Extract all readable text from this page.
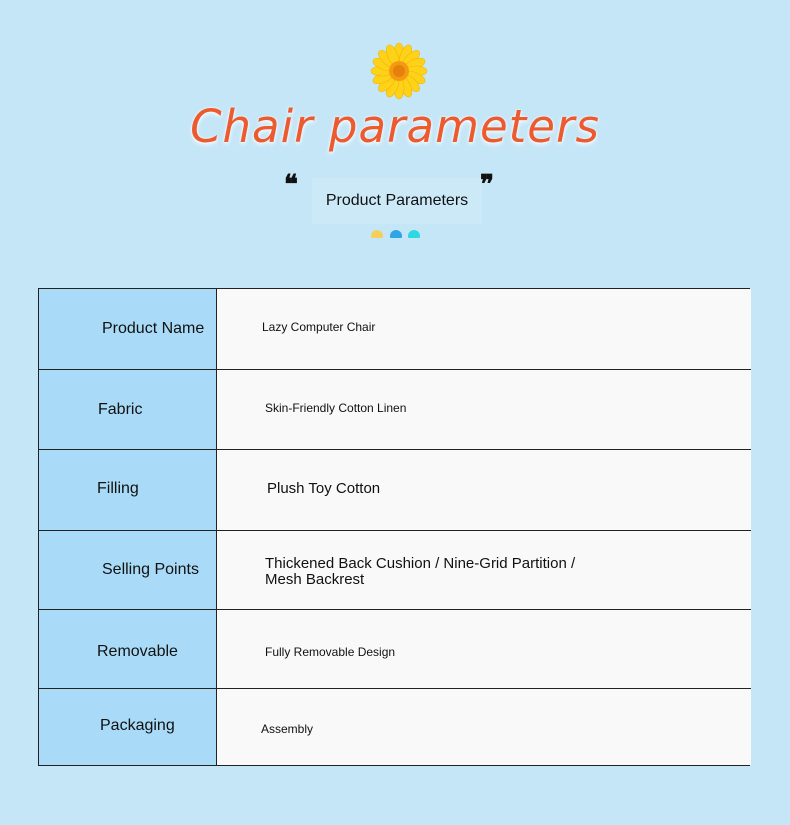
Chair parameters
❝
Product Parameters
❞
Product Name	Lazy Computer Chair
Fabric	Skin-Friendly Cotton Linen
Filling	Plush Toy Cotton
Selling Points	Thickened Back Cushion / Nine-Grid Partition /
Mesh Backrest
Removable	Fully Removable Design
Packaging	Assembly
